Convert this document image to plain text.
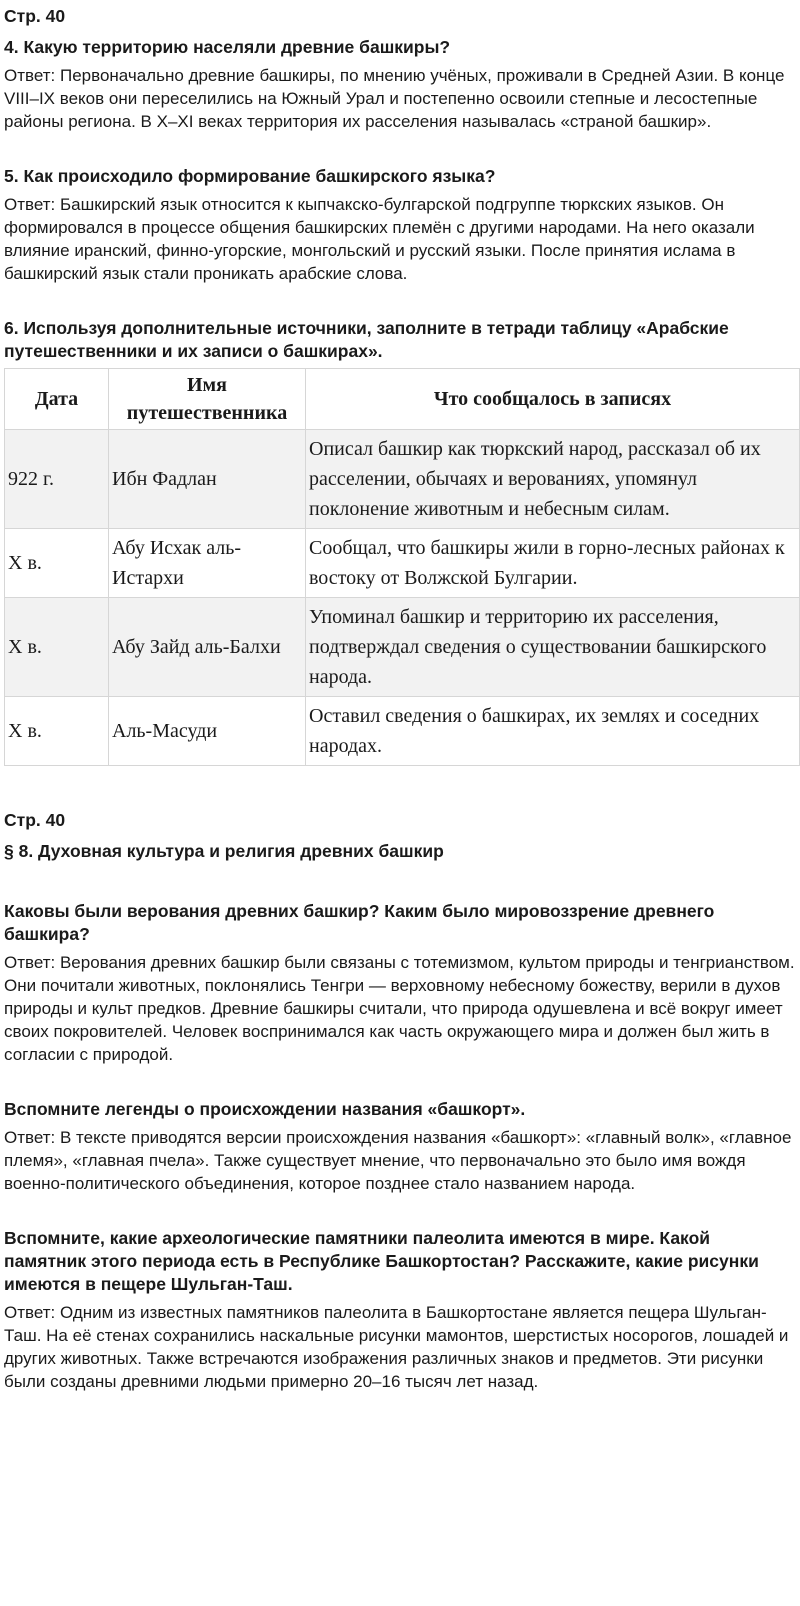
Стр. 40
4. Какую территорию населяли древние башкиры?

Ответ: Первоначально древние башкиры, по мнению учёных, проживали в Средней Азии. В конце VIII–IX веков они переселились на Южный Урал и постепенно освоили степные и лесостепные районы региона. В X–XI веках территория их расселения называлась «страной башкир».

5. Как происходило формирование башкирского языка?

Ответ: Башкирский язык относится к кыпчакско-булгарской подгруппе тюркских языков. Он формировался в процессе общения башкирских племён с другими народами. На него оказали влияние иранский, финно-угорские, монгольский и русский языки. После принятия ислама в башкирский язык стали проникать арабские слова.

6. Используя дополнительные источники, заполните в тетради таблицу «Арабские путешественники и их записи о башкирах».
Дата	Имя путешественника	Что сообщалось в записях
922 г.	Ибн Фадлан	Описал башкир как тюркский народ, рассказал об их расселении, обычаях и верованиях, упомянул поклонение животным и небесным силам.
X в.	Абу Исхак аль-Истархи	Сообщал, что башкиры жили в горно-лесных районах к востоку от Волжской Булгарии.
X в.	Абу Зайд аль-Балхи	Упоминал башкир и территорию их расселения, подтверждал сведения о существовании башкирского народа.
X в.	Аль-Масуди	Оставил сведения о башкирах, их землях и соседних народах.
Стр. 40
§ 8. Духовная культура и религия древних башкир
Каковы были верования древних башкир? Каким было мировоззрение древнего башкира?

Ответ: Верования древних башкир были связаны с тотемизмом, культом природы и тенгрианством. Они почитали животных, поклонялись Тенгри — верховному небесному божеству, верили в духов природы и культ предков. Древние башкиры считали, что природа одушевлена и всё вокруг имеет своих покровителей. Человек воспринимался как часть окружающего мира и должен был жить в согласии с природой.

Вспомните легенды о происхождении названия «башкорт».

Ответ: В тексте приводятся версии происхождения названия «башкорт»: «главный волк», «главное племя», «главная пчела». Также существует мнение, что первоначально это было имя вождя военно-политического объединения, которое позднее стало названием народа.

Вспомните, какие археологические памятники палеолита имеются в мире. Какой памятник этого периода есть в Республике Башкортостан? Расскажите, какие рисунки имеются в пещере Шульган-Таш.

Ответ: Одним из известных памятников палеолита в Башкортостане является пещера Шульган-Таш. На её стенах сохранились наскальные рисунки мамонтов, шерстистых носорогов, лошадей и других животных. Также встречаются изображения различных знаков и предметов. Эти рисунки были созданы древними людьми примерно 20–16 тысяч лет назад.
